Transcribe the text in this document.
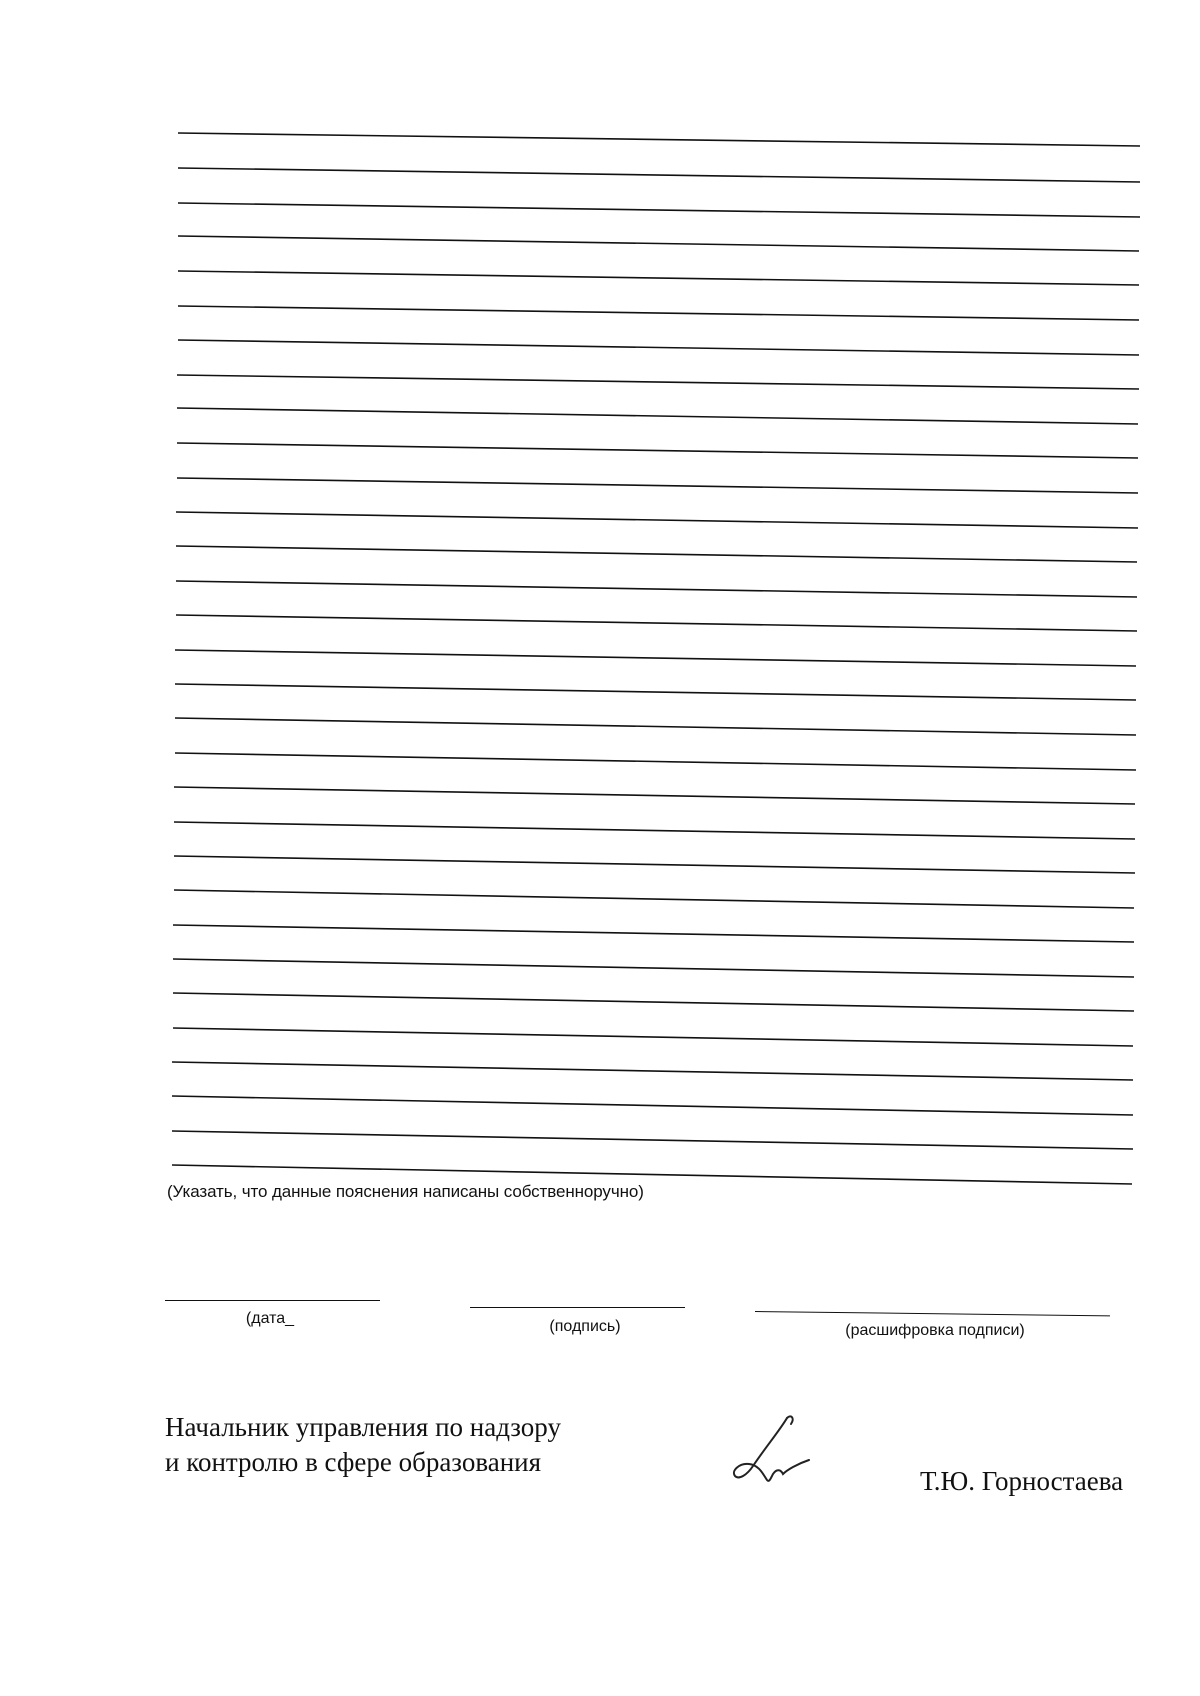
(Указать, что данные пояснения написаны собственноручно)
(дата_	(подпись)	(расшифровка подписи)
Начальник управления по надзору
и контролю в сфере образования
Т.Ю. Горностаева
